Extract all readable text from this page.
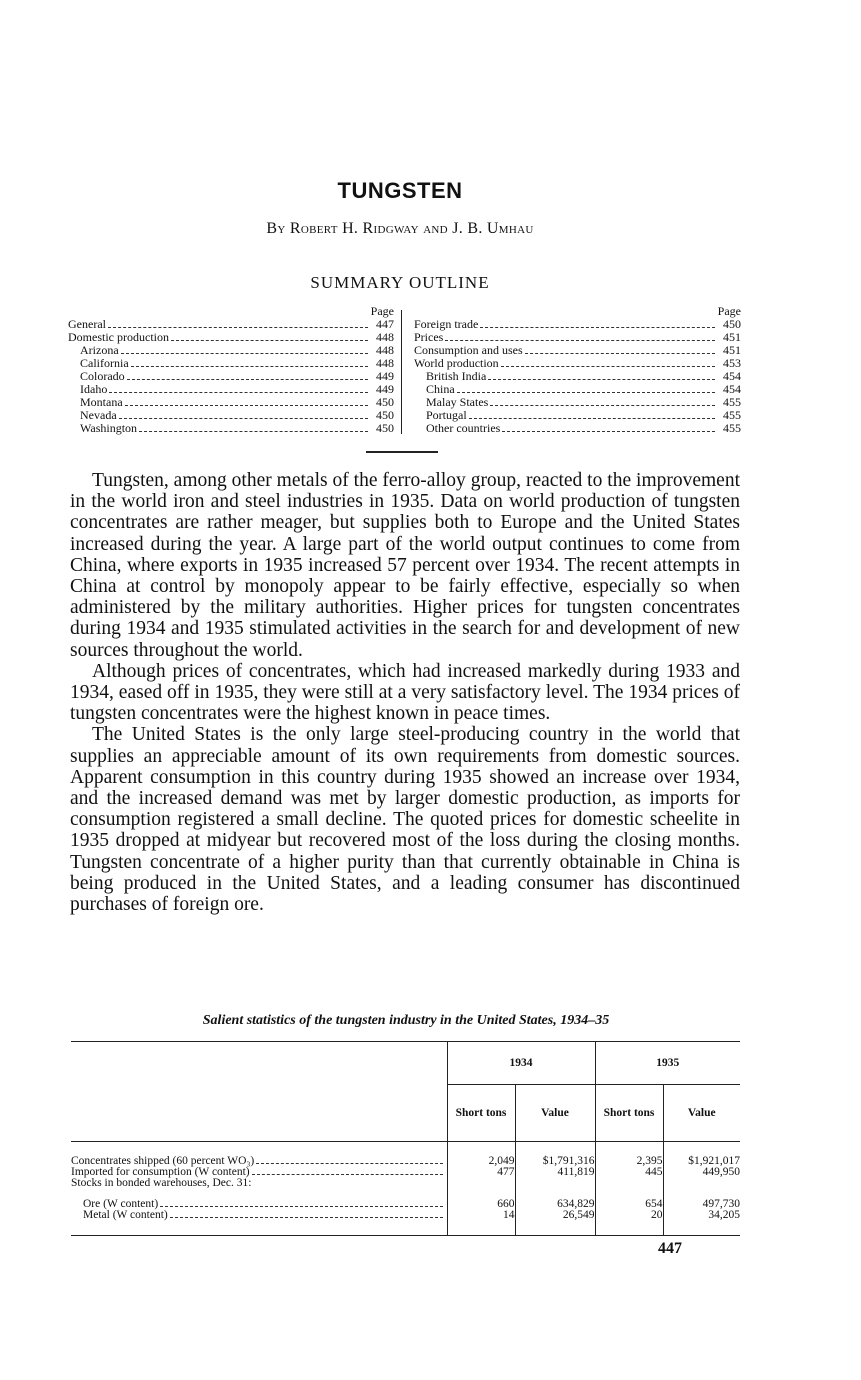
TUNGSTEN
By Robert H. Ridgway and J. B. Umhau
SUMMARY OUTLINE
Page
General	447
Domestic production	448
Arizona	448
California	448
Colorado	449
Idaho	449
Montana	450
Nevada	450
Washington	450
Page
Foreign trade	450
Prices	451
Consumption and uses	451
World production	453
British India	454
China	454
Malay States	455
Portugal	455
Other countries	455

Tungsten, among other metals of the ferro-alloy group, reacted to the improvement in the world iron and steel industries in 1935. Data on world production of tungsten concentrates are rather meager, but supplies both to Europe and the United States increased during the year. A large part of the world output continues to come from China, where exports in 1935 increased 57 percent over 1934. The recent attempts in China at control by monopoly appear to be fairly effective, especially so when administered by the military authorities. Higher prices for tungsten concentrates during 1934 and 1935 stimulated activities in the search for and development of new sources throughout the world.

Although prices of concentrates, which had increased markedly during 1933 and 1934, eased off in 1935, they were still at a very satisfactory level. The 1934 prices of tungsten concentrates were the highest known in peace times.

The United States is the only large steel-producing country in the world that supplies an appreciable amount of its own requirements from domestic sources. Apparent consumption in this country during 1935 showed an increase over 1934, and the increased demand was met by larger domestic production, as imports for consumption registered a small decline. The quoted prices for domestic scheelite in 1935 dropped at midyear but recovered most of the loss during the closing months. Tungsten concentrate of a higher purity than that currently obtainable in China is being produced in the United States, and a leading consumer has discontinued purchases of foreign ore.

Salient statistics of the tungsten industry in the United States, 1934–35
	1934		1935	
	Short tons	Value	Short tons	Value

Concentrates shipped (60 percent WO₃)	2,049	$1,791,316	2,395	$1,921,017

Imported for consumption (W content)	477	411,819	445	449,950
Stocks in bonded warehouses, Dec. 31:				

Ore (W content)	660	634,829	654	497,730

Metal (W content)	14	26,549	20	34,205
447
